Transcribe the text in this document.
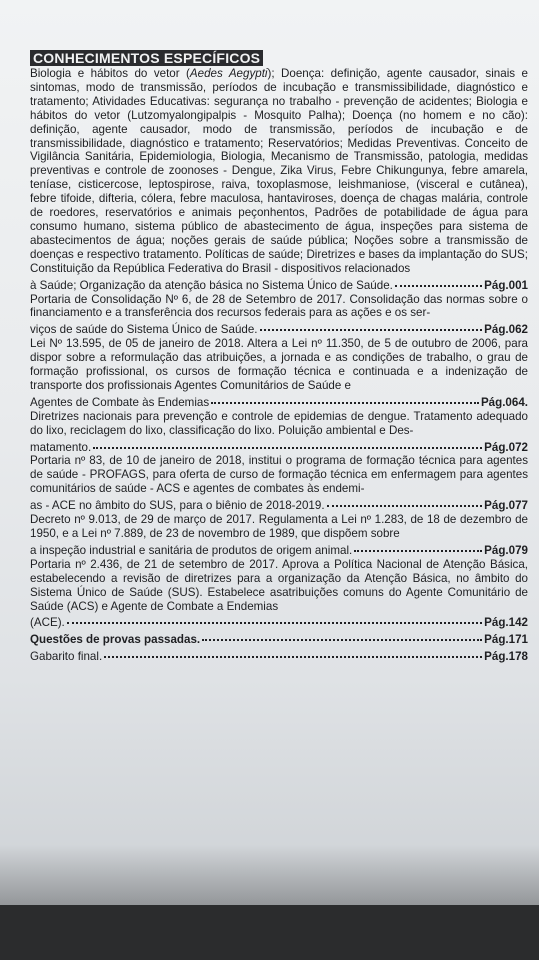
CONHECIMENTOS ESPECÍFICOS
Biologia e hábitos do vetor (Aedes Aegypti); Doença: definição, agente causador, sinais e sintomas, modo de transmissão, períodos de incubação e transmissibilidade, diagnóstico e tratamento; Atividades Educativas: segurança no trabalho - prevenção de acidentes; Biologia e hábitos do vetor (Lutzomyalongipalpis - Mosquito Palha); Doença (no homem e no cão): definição, agente causador, modo de transmissão, períodos de incubação e de transmissibilidade, diagnóstico e tratamento; Reservatórios; Medidas Preventivas. Conceito de Vigilância Sanitária, Epidemiologia, Biologia, Mecanismo de Transmissão, patologia, medidas preventivas e controle de zoonoses - Dengue, Zika Virus, Febre Chikungunya, febre amarela, teníase, cisticercose, leptospirose, raiva, toxoplasmose, leishmaniose, (visceral e cutânea), febre tifoide, difteria, cólera, febre maculosa, hantaviroses, doença de chagas malária, controle de roedores, reservatórios e animais peçonhentos, Padrões de potabilidade de água para consumo humano, sistema público de abastecimento de água, inspeções para sistema de abastecimentos de água; noções gerais de saúde pública; Noções sobre a transmissão de doenças e respectivo tratamento. Políticas de saúde; Diretrizes e bases da implantação do SUS; Constituição da República Federativa do Brasil - dispositivos relacionados
à Saúde; Organização da atenção básica no Sistema Único de Saúde.	Pág.001
Portaria de Consolidação Nº 6, de 28 de Setembro de 2017. Consolidação das normas sobre o financiamento e a transferência dos recursos federais para as ações e os ser-
viços de saúde do Sistema Único de Saúde.	Pág.062
Lei Nº 13.595, de 05 de janeiro de 2018. Altera a Lei nº 11.350, de 5 de outubro de 2006, para dispor sobre a reformulação das atribuições, a jornada e as condições de trabalho, o grau de formação profissional, os cursos de formação técnica e continuada e a indenização de transporte dos profissionais Agentes Comunitários de Saúde e
Agentes de Combate às Endemias	Pág.064.
Diretrizes nacionais para prevenção e controle de epidemias de dengue. Tratamento adequado do lixo, reciclagem do lixo, classificação do lixo. Poluição ambiental e Des-
matamento.	Pág.072
Portaria nº 83, de 10 de janeiro de 2018, institui o programa de formação técnica para agentes de saúde - PROFAGS, para oferta de curso de formação técnica em enfermagem para agentes comunitários de saúde - ACS e agentes de combates às endemi-
as - ACE no âmbito do SUS, para o biênio de 2018-2019.	Pág.077
Decreto nº 9.013, de 29 de março de 2017. Regulamenta a Lei nº 1.283, de 18 de dezembro de 1950, e a Lei nº 7.889, de 23 de novembro de 1989, que dispõem sobre
a inspeção industrial e sanitária de produtos de origem animal.	Pág.079
Portaria nº 2.436, de 21 de setembro de 2017. Aprova a Política Nacional de Atenção Básica, estabelecendo a revisão de diretrizes para a organização da Atenção Básica, no âmbito do Sistema Único de Saúde (SUS). Estabelece asatribuições comuns do Agente Comunitário de Saúde (ACS) e Agente de Combate a Endemias
(ACE).	Pág.142
Questões de provas passadas.	Pág.171
Gabarito final.	Pág.178
